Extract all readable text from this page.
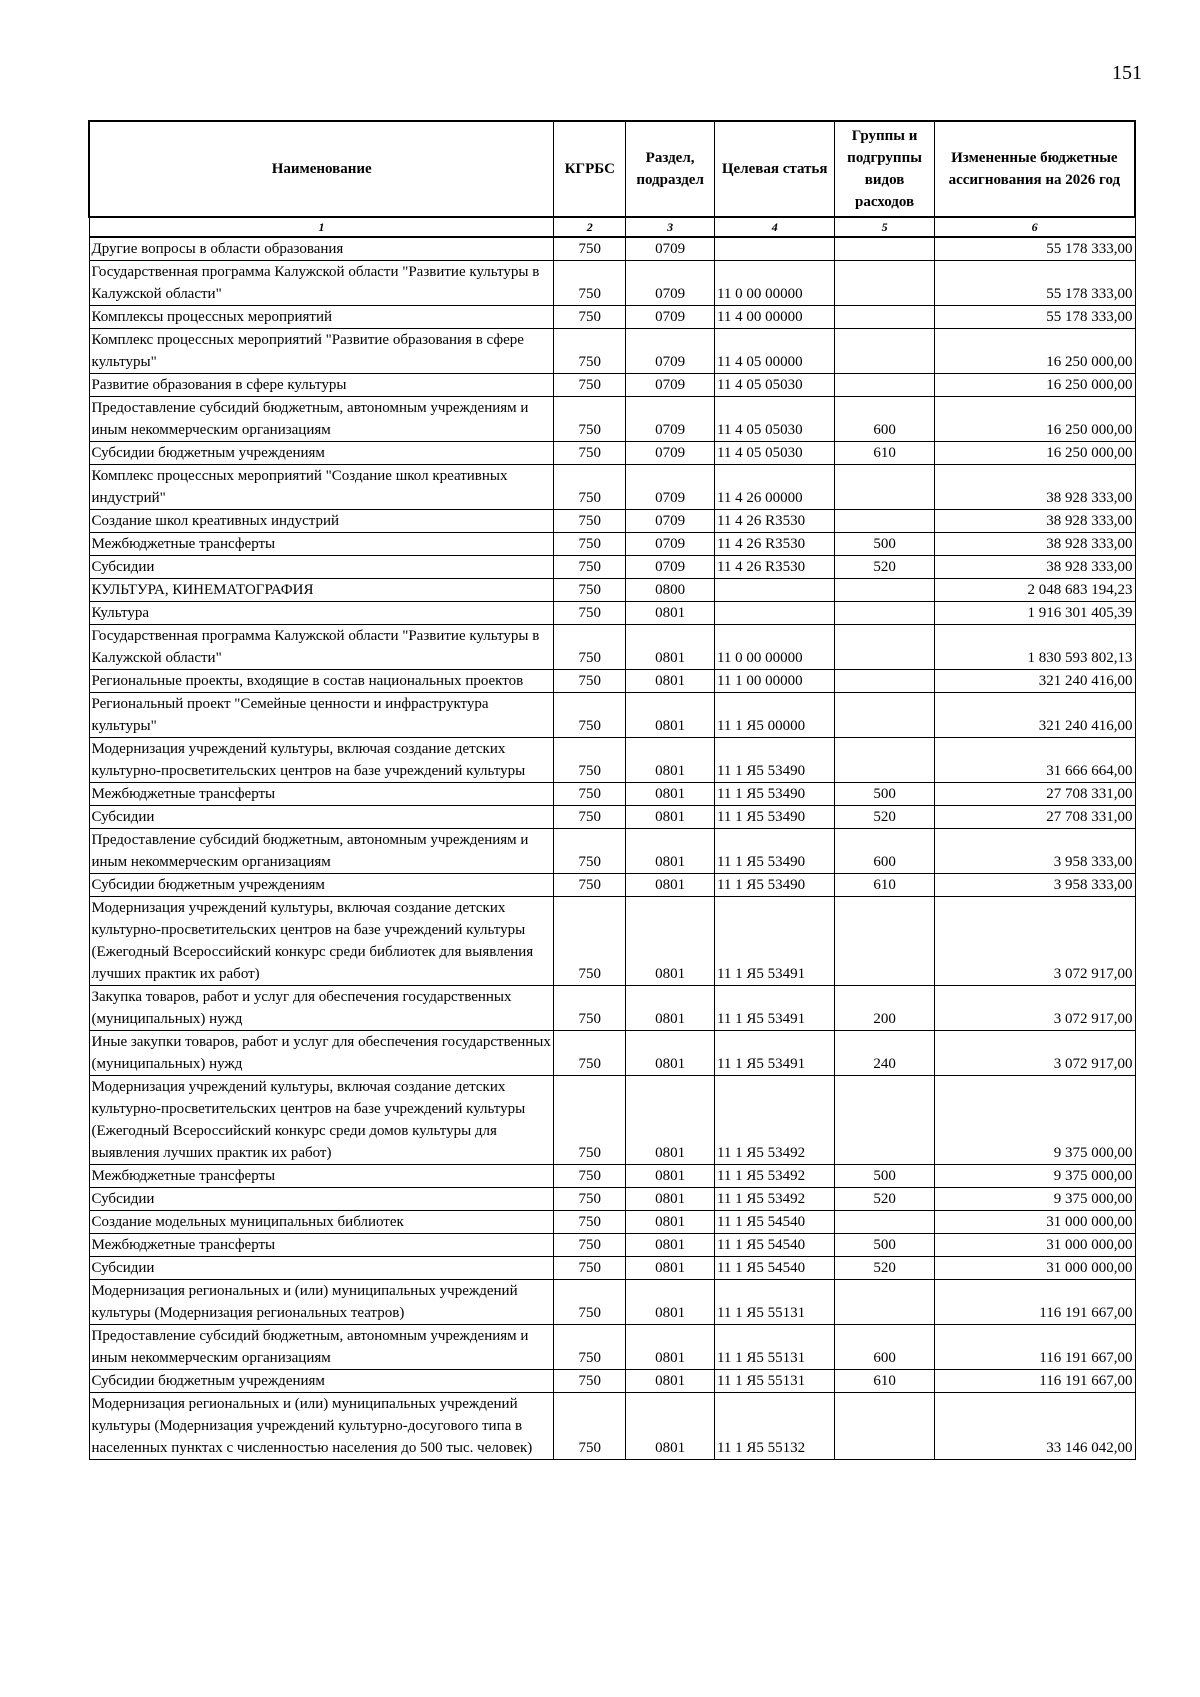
151
Наименование	КГРБС	Раздел, подраздел	Целевая статья	Группы и подгруппы видов расходов	Измененные бюджетные ассигнования на 2026 год
1	2	3	4	5	6
Другие вопросы в области образования	750	0709			55 178 333,00
Государственная программа Калужской области "Развитие культуры в Калужской области"	750	0709	11 0 00 00000		55 178 333,00
Комплексы процессных мероприятий	750	0709	11 4 00 00000		55 178 333,00
Комплекс процессных мероприятий "Развитие образования в сфере культуры"	750	0709	11 4 05 00000		16 250 000,00
Развитие образования в сфере культуры	750	0709	11 4 05 05030		16 250 000,00
Предоставление субсидий бюджетным, автономным учреждениям и иным некоммерческим организациям	750	0709	11 4 05 05030	600	16 250 000,00
Субсидии бюджетным учреждениям	750	0709	11 4 05 05030	610	16 250 000,00
Комплекс процессных мероприятий "Создание школ креативных индустрий"	750	0709	11 4 26 00000		38 928 333,00
Создание школ креативных индустрий	750	0709	11 4 26 R3530		38 928 333,00
Межбюджетные трансферты	750	0709	11 4 26 R3530	500	38 928 333,00
Субсидии	750	0709	11 4 26 R3530	520	38 928 333,00
КУЛЬТУРА, КИНЕМАТОГРАФИЯ	750	0800			2 048 683 194,23
Культура	750	0801			1 916 301 405,39
Государственная программа Калужской области "Развитие культуры в Калужской области"	750	0801	11 0 00 00000		1 830 593 802,13
Региональные проекты, входящие в состав национальных проектов	750	0801	11 1 00 00000		321 240 416,00
Региональный проект "Семейные ценности и инфраструктура культуры"	750	0801	11 1 Я5 00000		321 240 416,00
Модернизация учреждений культуры, включая создание детских культурно-просветительских центров на базе учреждений культуры	750	0801	11 1 Я5 53490		31 666 664,00
Межбюджетные трансферты	750	0801	11 1 Я5 53490	500	27 708 331,00
Субсидии	750	0801	11 1 Я5 53490	520	27 708 331,00
Предоставление субсидий бюджетным, автономным учреждениям и иным некоммерческим организациям	750	0801	11 1 Я5 53490	600	3 958 333,00
Субсидии бюджетным учреждениям	750	0801	11 1 Я5 53490	610	3 958 333,00
Модернизация учреждений культуры, включая создание детских культурно-просветительских центров на базе учреждений культуры (Ежегодный Всероссийский конкурс среди библиотек для выявления лучших практик их работ)	750	0801	11 1 Я5 53491		3 072 917,00
Закупка товаров, работ и услуг для обеспечения государственных (муниципальных) нужд	750	0801	11 1 Я5 53491	200	3 072 917,00
Иные закупки товаров, работ и услуг для обеспечения государственных (муниципальных) нужд	750	0801	11 1 Я5 53491	240	3 072 917,00
Модернизация учреждений культуры, включая создание детских культурно-просветительских центров на базе учреждений культуры (Ежегодный Всероссийский конкурс среди домов культуры для выявления лучших практик их работ)	750	0801	11 1 Я5 53492		9 375 000,00
Межбюджетные трансферты	750	0801	11 1 Я5 53492	500	9 375 000,00
Субсидии	750	0801	11 1 Я5 53492	520	9 375 000,00
Создание модельных муниципальных библиотек	750	0801	11 1 Я5 54540		31 000 000,00
Межбюджетные трансферты	750	0801	11 1 Я5 54540	500	31 000 000,00
Субсидии	750	0801	11 1 Я5 54540	520	31 000 000,00
Модернизация региональных и (или) муниципальных учреждений культуры (Модернизация региональных театров)	750	0801	11 1 Я5 55131		116 191 667,00
Предоставление субсидий бюджетным, автономным учреждениям и иным некоммерческим организациям	750	0801	11 1 Я5 55131	600	116 191 667,00
Субсидии бюджетным учреждениям	750	0801	11 1 Я5 55131	610	116 191 667,00
Модернизация региональных и (или) муниципальных учреждений культуры (Модернизация учреждений культурно-досугового типа в населенных пунктах с численностью населения до 500 тыс. человек)	750	0801	11 1 Я5 55132		33 146 042,00
